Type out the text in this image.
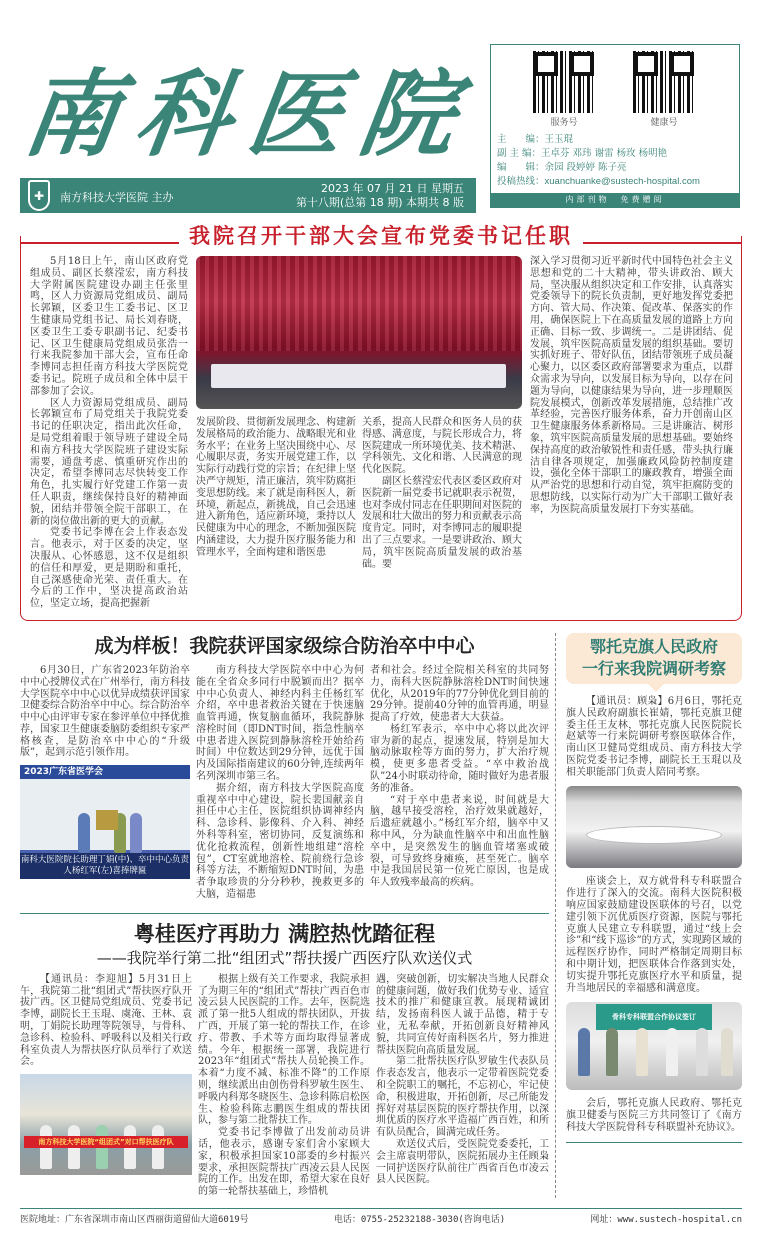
南 科 医 院
✚	南方科技大学医院 主办
2023 年 07 月 21 日 星期五
第十八期(总第 18 期) 本期共 8 版
服务号	健康号
主　　编：王玉琨
副 主 编：王卓芬 邓玮 谢雷 杨玫 杨明艳
编　　辑：余园 段婷婷 陈子亮
投稿热线：xuanchuanke@sustech-hospital.com
内部刊物　免费赠阅
我院召开干部大会宣布党委书记任职

5月18日上午，南山区政府党组成员、副区长蔡滢宏，南方科技大学附属医院建设办副主任张里鸣，区人力资源局党组成员、副局长郭颖，区委卫生工委书记、区卫生健康局党组书记、局长刘春晓，区委卫生工委专职副书记、纪委书记、区卫生健康局党组成员张浩一行来我院参加干部大会，宣布任命李博同志担任南方科技大学医院党委书记。院班子成员和全体中层干部参加了会议。

区人力资源局党组成员、副局长郭颖宣布了局党组关于我院党委书记的任职决定，指出此次任命，是局党组着眼于领导班子建设全局和南方科技大学医院班子建设实际需要，通盘考虑、慎重研究作出的决定，希望李博同志尽快转变工作角色，扎实履行好党建工作第一责任人职责，继续保持良好的精神面貌，团结并带领全院干部职工，在新的岗位做出新的更大的贡献。

党委书记李博在会上作表态发言。他表示，对于区委的决定，坚决服从、心怀感恩，这不仅是组织的信任和厚爱，更是期盼和重托，自己深感使命光荣、责任重大。在今后的工作中，坚决提高政治站位，坚定立场，提高把握新

发展阶段、贯彻新发展理念、构建新发展格局的政治能力、战略眼光和业务水平；在业务上坚决围绕中心、尽心履职尽责，务实开展党建工作，以实际行动践行党的宗旨；在纪律上坚决严守规矩，清正廉洁，筑牢防腐拒变思想防线。来了就是南科医人，新环境，新起点，新挑战，自己会迅速进入新角色，适应新环境，秉持以人民健康为中心的理念，不断加强医院内涵建设，大力提升医疗服务能力和管理水平，全面构建和谐医患

关系，提高人民群众和医务人员的获得感、满意度，与院长形成合力，将医院建成一所环境优美、技术精湛、学科领先、文化和谐、人民满意的现代化医院。

副区长蔡滢宏代表区委区政府对医院新一届党委书记就职表示祝贺，也对李成付同志在任职期间对医院的发展和壮大做出的努力和贡献表示高度肯定。同时，对李博同志的履职提出了三点要求。一是要讲政治、顾大局，筑牢医院高质量发展的政治基础。要

深入学习贯彻习近平新时代中国特色社会主义思想和党的二十大精神，带头讲政治、顾大局，坚决服从组织决定和工作安排，认真落实党委领导下的院长负责制，更好地发挥党委把方向、管大局、作决策、促改革、保落实的作用，确保医院上下在高质量发展的道路上方向正确、目标一致、步调统一。二是讲团结、促发展，筑牢医院高质量发展的组织基础。要切实抓好班子、带好队伍，团结带领班子成员凝心聚力，以区委区政府部署要求为重点，以群众需求为导向，以发展目标为导向，以存在问题为导向，以健康结果为导向，进一步理顺医院发展模式，创新改革发展措施，总结推广改革经验，完善医疗服务体系，奋力开创南山区卫生健康服务体系新格局。三是讲廉洁、树形象，筑牢医院高质量发展的思想基础。要始终保持高度的政治敏锐性和责任感，带头执行廉洁自律各项规定，加强廉政风险防控制度建设，强化全体干部职工的廉政教育，增强全面从严治党的思想和行动自觉，筑牢拒腐防变的思想防线，以实际行动为广大干部职工做好表率，为医院高质量发展打下夯实基础。

成为样板！我院获评国家级综合防治卒中中心

6月30日，广东省2023年防治卒中中心授牌仪式在广州举行，南方科技大学医院卒中中心以优异成绩获评国家卫健委综合防治卒中中心。综合防治卒中中心由评审专家在参评单位中择优推荐，国家卫生健康委脑防委组织专家严格核查，是防治卒中中心的“升级版”，起到示范引领作用。

2023广东省医学会
南科大医院院长助理丁娟(中)、卒中中心负责人杨红军(左)喜捧牌匾

南方科技大学医院卒中中心为何能在全省众多同行中脱颖而出？据卒中中心负责人、神经内科主任杨红军介绍，卒中患者救治关键在于快速脑血管再通，恢复脑血循环，我院静脉溶栓时间（即DNT时间，指急性脑卒中患者进入医院到静脉溶栓开始给药时间）中位数达到29分钟，远优于国内及国际指南建议的60分钟,连续两年名列深圳市第三名。

据介绍，南方科技大学医院高度重视卒中中心建设，院长裴国献亲自担任中心主任，医院组织协调神经内科、急诊科、影像科、介入科、神经外科等科室，密切协同，反复演练和优化抢救流程，创新性地组建“溶栓包”，CT室就地溶栓、院前绕行急诊科等方法，不断缩短DNT时间，为患者争取珍贵的分分秒秒，挽救更多的大脑，造福患

者和社会。经过全院相关科室的共同努力，南科大医院静脉溶栓DNT时间快速优化，从2019年的77分钟优化到目前的29分钟。提前40分钟的血管再通，明显提高了疗效，使患者大大获益。

杨红军表示，卒中中心将以此次评审为新的起点，提速发展，特别是加大脑动脉取栓等方面的努力，扩大治疗规模，使更多患者受益。“卒中救治战队”24小时联动待命，随时做好为患者服务的准备。

“对于卒中患者来说，时间就是大脑，越早接受溶栓，治疗效果就越好，后遗症就越小。”杨红军介绍，脑卒中又称中风，分为缺血性脑卒中和出血性脑卒中，是突然发生的脑血管堵塞或破裂，可导致终身瘫痪，甚至死亡。脑卒中是我国居民第一位死亡原因，也是成年人致残率最高的疾病。

粤桂医疗再助力 满腔热忱踏征程
——我院举行第二批“组团式”帮扶援广西医疗队欢送仪式

【通讯员：李迎旭】5月31日上午，我院第二批“组团式”帮扶医疗队开拔广西。区卫健局党组成员、党委书记李博，副院长王玉琨、虞淹、王林、袁明，丁娟院长助理等院领导，与骨科、急诊科、检验科、呼吸科以及相关行政科室负责人为帮扶医疗队员举行了欢送会。

南方科技大学医院“组团式”对口帮扶医疗队

根据上级有关工作要求，我院承担了为期三年的“组团式”帮扶广西百色市凌云县人民医院的工作。去年，医院选派了第一批5人组成的帮扶团队，开拔广西，开展了第一轮的帮扶工作，在诊疗、带教、手术等方面均取得显著成绩。今年，根据统一部署，我院进行2023年“组团式”帮扶人员轮换工作。本着“力度不减、标准不降”的工作原则，继续派出由创伤骨科罗敏生医生、呼吸内科郑冬晓医生、急诊科陈启松医生、检验科陈志鹏医生组成的帮扶团队，参与第二批帮扶工作。

党委书记李博做了出发前动员讲话，他表示，感谢专家们舍小家顾大家，积极承担国家10部委的乡村振兴要求，承担医院帮扶广西凌云县人民医院的工作。出发在即，希望大家在良好的第一轮帮扶基础上，珍惜机

遇，突破创新，切实解决当地人民群众的健康问题，做好我们优势专业、适宜技术的推广和健康宣教。展现精诚团结，发扬南科医人诚于品德，精于专业，无私奉献，开拓创新良好精神风貌，共同宣传好南科医名片，努力推进帮扶医院向高质量发展。

第二批帮扶医疗队罗敏生代表队员作表态发言，他表示一定带着医院党委和全院职工的嘱托，不忘初心，牢记使命，积极进取，开拓创新，尽己所能发挥好对基层医院的医疗帮扶作用，以深圳优质的医疗水平造福广西百姓，和所有队员配合，圆满完成任务。

欢送仪式后，受医院党委委托，工会主席袁明带队，医院拓展办主任顾枭一同护送医疗队前往广西省百色市凌云县人民医院。

鄂托克旗人民政府
一行来我院调研考察

【通讯员：顾枭】6月6日，鄂托克旗人民政府副旗长崔婧，鄂托克旗卫健委主任王友林，鄂托克旗人民医院院长赵斌等一行来院调研考察医联体合作，南山区卫健局党组成员、南方科技大学医院党委书记李博，副院长王玉琨以及相关职能部门负责人陪同考察。

座谈会上，双方就骨科专科联盟合作进行了深入的交流。南科大医院积极响应国家鼓励建设医联体的号召，以党建引领下沉优质医疗资源，医院与鄂托克旗人民建立专科联盟，通过“线上会诊”和“线下巡诊”的方式，实现跨区域的远程医疗协作，同时严格制定周期目标和中期计划，把医联体合作落到实处，切实提升鄂托克旗医疗水平和质量，提升当地居民的幸福感和满意度。

骨科专科联盟合作协议签订

会后，鄂托克旗人民政府、鄂托克旗卫健委与医院三方共同签订了《南方科技大学医院骨科专科联盟补充协议》。

医院地址：广东省深圳市南山区西丽街道留仙大道6019号	电话：0755-25232188-3030(咨询电话)	网址：www.sustech-hospital.cn
